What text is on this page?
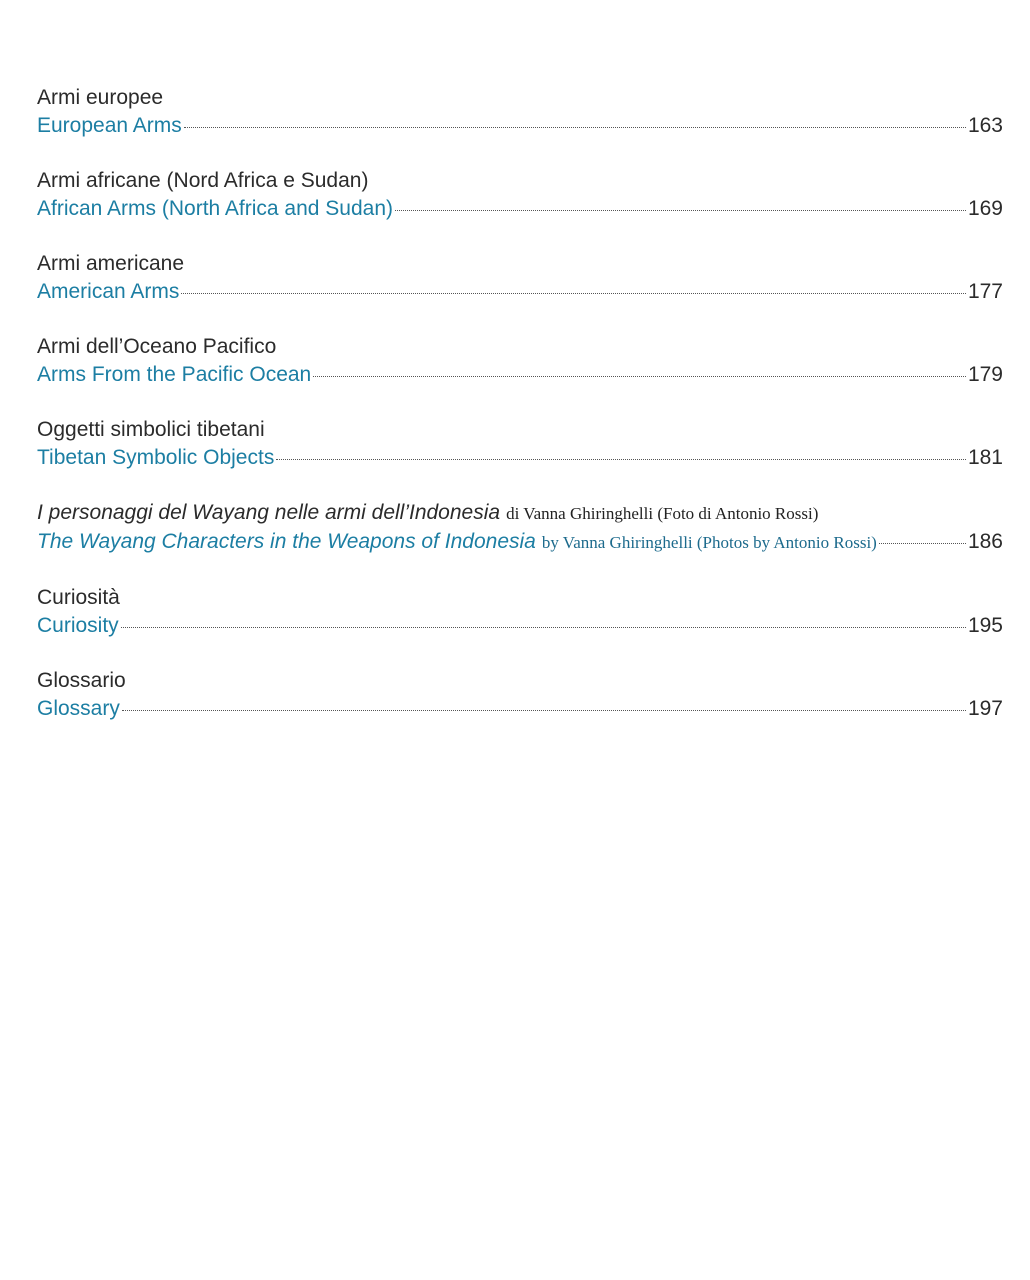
Armi europee
European Arms	163
Armi africane (Nord Africa e Sudan)
African Arms (North Africa and Sudan)	169
Armi americane
American Arms	177
Armi dell’Oceano Pacifico
Arms From the Pacific Ocean	179
Oggetti simbolici tibetani
Tibetan Symbolic Objects	181
I personaggi del Wayang nelle armi dell’Indonesia di Vanna Ghiringhelli (Foto di Antonio Rossi)
The Wayang Characters in the Weapons of Indonesia by Vanna Ghiringhelli (Photos by Antonio Rossi)	186
Curiosità
Curiosity	195
Glossario
Glossary	197
